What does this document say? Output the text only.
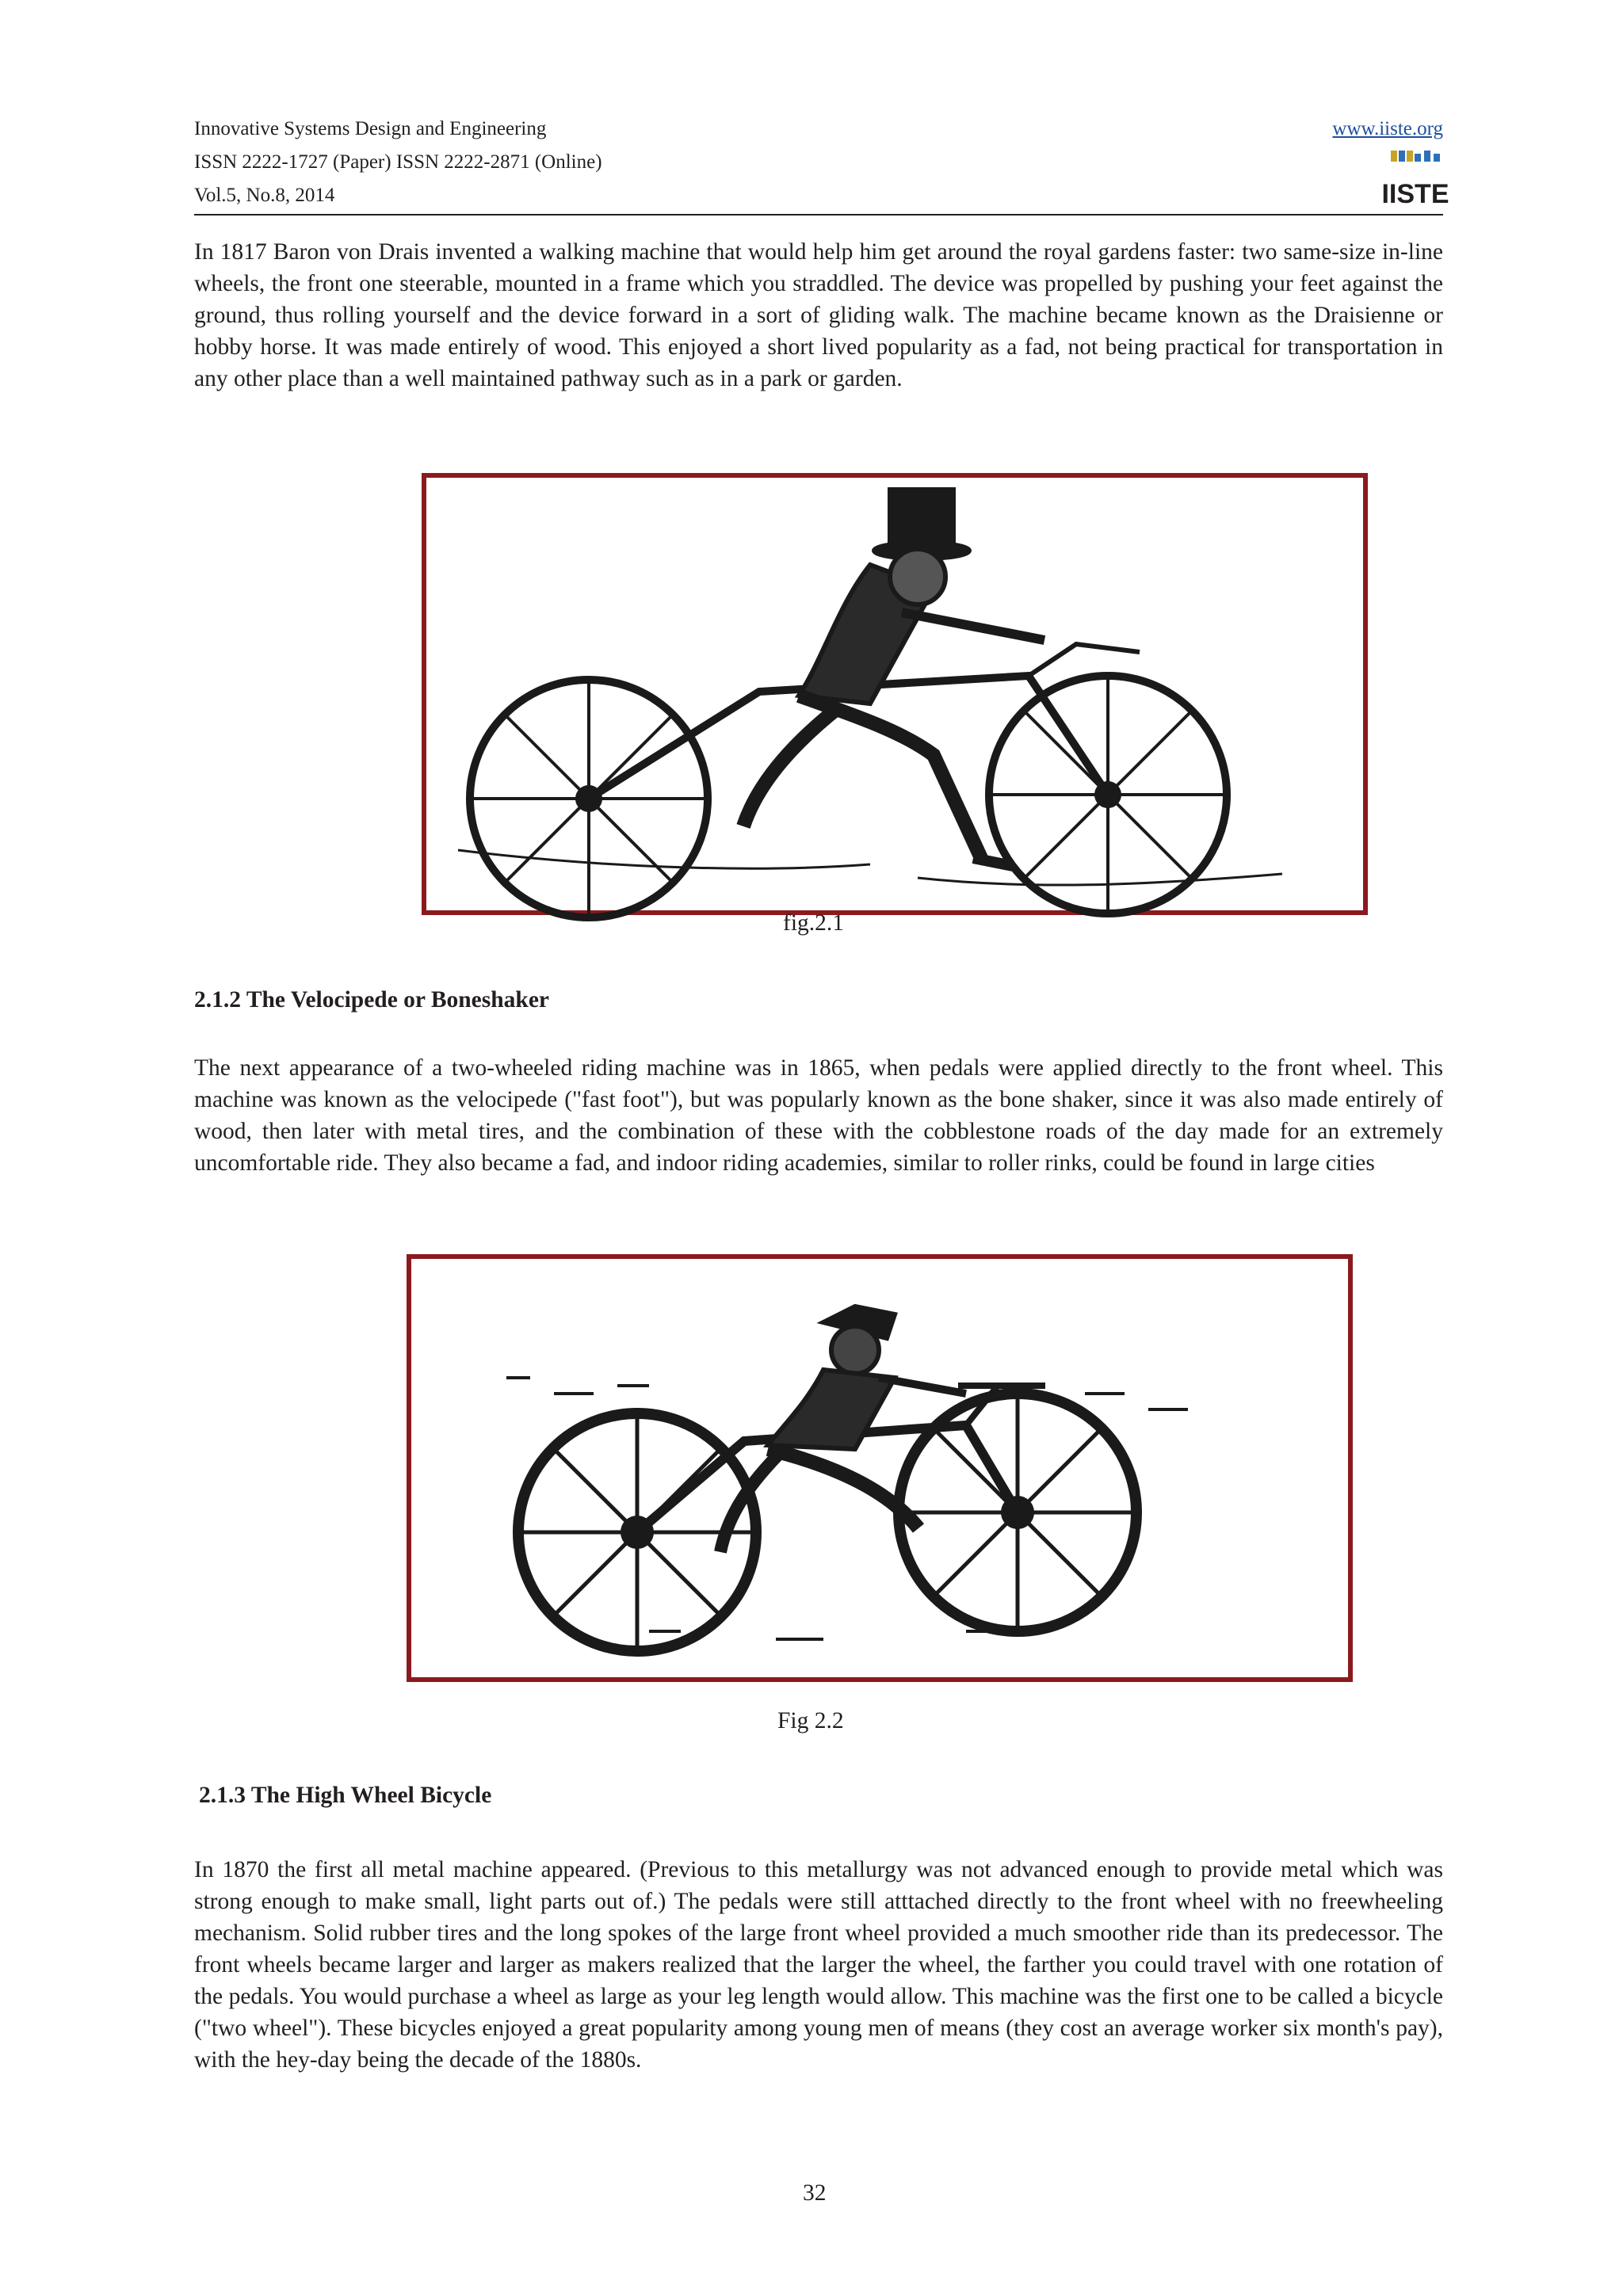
Innovative Systems Design and Engineering
ISSN 2222-1727 (Paper) ISSN 2222-2871 (Online)
Vol.5, No.8, 2014
www.iiste.org
IISTE

In 1817 Baron von Drais invented a walking machine that would help him get around the royal gardens faster: two same-size in-line wheels, the front one steerable, mounted in a frame which you straddled. The device was propelled by pushing your feet against the ground, thus rolling yourself and the device forward in a sort of gliding walk. The machine became known as the Draisienne or hobby horse. It was made entirely of wood. This enjoyed a short lived popularity as a fad, not being practical for transportation in any other place than a well maintained pathway such as in a park or garden.

fig.2.1
2.1.2 The Velocipede or Boneshaker

The next appearance of a two-wheeled riding machine was in 1865, when pedals were applied directly to the front wheel. This machine was known as the velocipede ("fast foot"), but was popularly known as the bone shaker, since it was also made entirely of wood, then later with metal tires, and the combination of these with the cobblestone roads of the day made for an extremely uncomfortable ride. They also became a fad, and indoor riding academies, similar to roller rinks, could be found in large cities

Fig 2.2
2.1.3 The High Wheel Bicycle

In 1870 the first all metal machine appeared. (Previous to this metallurgy was not advanced enough to provide metal which was strong enough to make small, light parts out of.) The pedals were still atttached directly to the front wheel with no freewheeling mechanism. Solid rubber tires and the long spokes of the large front wheel provided a much smoother ride than its predecessor. The front wheels became larger and larger as makers realized that the larger the wheel, the farther you could travel with one rotation of the pedals. You would purchase a wheel as large as your leg length would allow. This machine was the first one to be called a bicycle ("two wheel"). These bicycles enjoyed a great popularity among young men of means (they cost an average worker six month's pay), with the hey-day being the decade of the 1880s.

32
